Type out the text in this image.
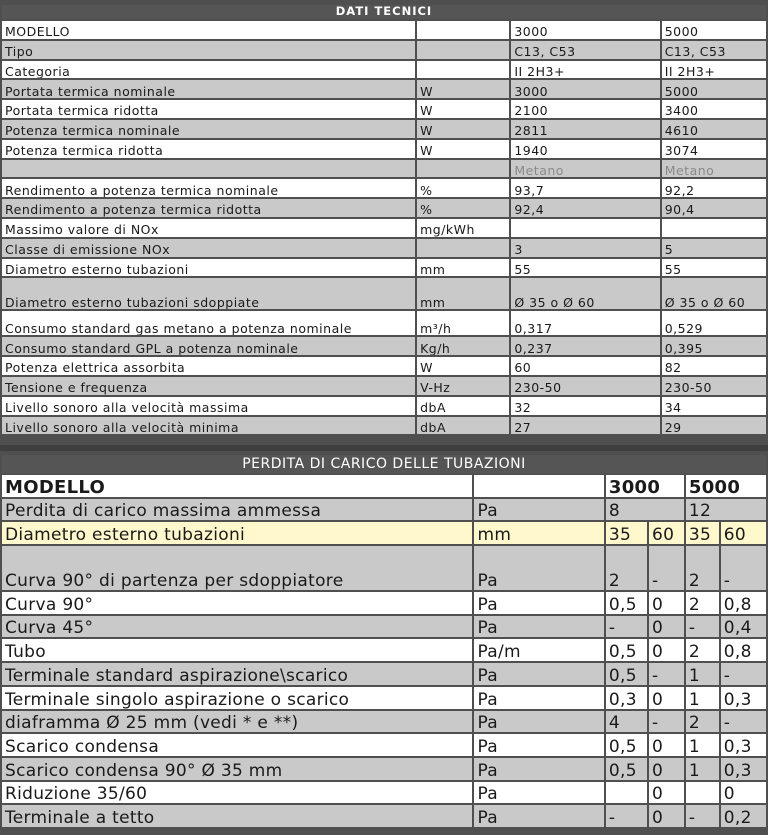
DATI TECNICI			
MODELLO		3000	5000
Tipo		C13, C53	C13, C53
Categoria		II 2H3+	II 2H3+
Portata termica nominale	W	3000	5000
Portata termica ridotta	W	2100	3400
Potenza termica nominale	W	2811	4610
Potenza termica ridotta	W	1940	3074
		Metano	Metano
Rendimento a potenza termica nominale	%	93,7	92,2
Rendimento a potenza termica ridotta	%	92,4	90,4
Massimo valore di NOx	mg/kWh		
Classe di emissione NOx		3	5
Diametro esterno tubazioni	mm	55	55
Diametro esterno tubazioni sdoppiate	mm	Ø 35 o Ø 60	Ø 35 o Ø 60
Consumo standard gas metano a potenza nominale	m³/h	0,317	0,529
Consumo standard GPL a potenza nominale	Kg/h	0,237	0,395
Potenza elettrica assorbita	W	60	82
Tensione e frequenza	V-Hz	230-50	230-50
Livello sonoro alla velocità massima	dbA	32	34
Livello sonoro alla velocità minima	dbA	27	29
PERDITA DI CARICO DELLE TUBAZIONI					
MODELLO		3000		5000	
Perdita di carico massima ammessa	Pa	8		12	
Diametro esterno tubazioni	mm	35	60	35	60
Curva 90° di partenza per sdoppiatore	Pa	2	-	2	-
Curva 90°	Pa	0,5	0	2	0,8
Curva 45°	Pa	-	0	-	0,4
Tubo	Pa/m	0,5	0	2	0,8
Terminale standard aspirazione\scarico	Pa	0,5	-	1	-
Terminale singolo aspirazione o scarico	Pa	0,3	0	1	0,3
diaframma Ø 25 mm (vedi * e **)	Pa	4	-	2	-
Scarico condensa	Pa	0,5	0	1	0,3
Scarico condensa 90° Ø 35 mm	Pa	0,5	0	1	0,3
Riduzione 35/60	Pa		0		0
Terminale a tetto	Pa	-	0	-	0,2
